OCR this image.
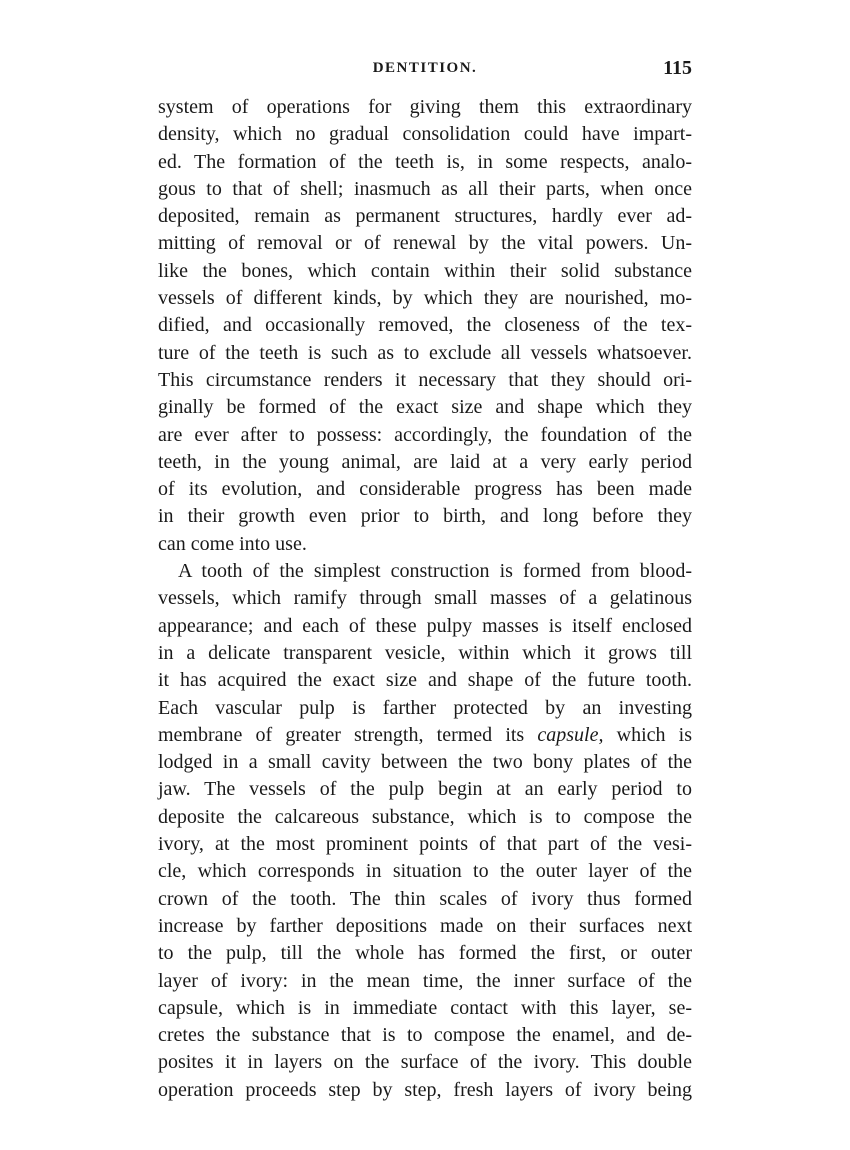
DENTITION.	115
system of operations for giving them this extraordinary
density, which no gradual consolidation could have impart-
ed. The formation of the teeth is, in some respects, analo-
gous to that of shell; inasmuch as all their parts, when once
deposited, remain as permanent structures, hardly ever ad-
mitting of removal or of renewal by the vital powers. Un-
like the bones, which contain within their solid substance
vessels of different kinds, by which they are nourished, mo-
dified, and occasionally removed, the closeness of the tex-
ture of the teeth is such as to exclude all vessels whatsoever.
This circumstance renders it necessary that they should ori-
ginally be formed of the exact size and shape which they
are ever after to possess: accordingly, the foundation of the
teeth, in the young animal, are laid at a very early period
of its evolution, and considerable progress has been made
in their growth even prior to birth, and long before they
can come into use.
A tooth of the simplest construction is formed from blood-
vessels, which ramify through small masses of a gelatinous
appearance; and each of these pulpy masses is itself enclosed
in a delicate transparent vesicle, within which it grows till
it has acquired the exact size and shape of the future tooth.
Each vascular pulp is farther protected by an investing
membrane of greater strength, termed its capsule, which is
lodged in a small cavity between the two bony plates of the
jaw. The vessels of the pulp begin at an early period to
deposite the calcareous substance, which is to compose the
ivory, at the most prominent points of that part of the vesi-
cle, which corresponds in situation to the outer layer of the
crown of the tooth. The thin scales of ivory thus formed
increase by farther depositions made on their surfaces next
to the pulp, till the whole has formed the first, or outer
layer of ivory: in the mean time, the inner surface of the
capsule, which is in immediate contact with this layer, se-
cretes the substance that is to compose the enamel, and de-
posites it in layers on the surface of the ivory. This double
operation proceeds step by step, fresh layers of ivory being
